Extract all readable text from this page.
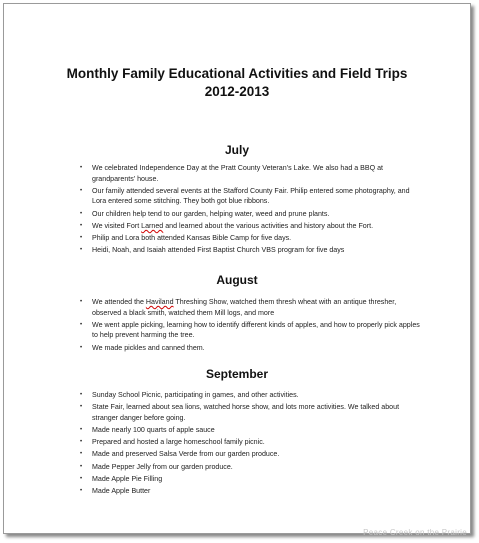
Monthly Family Educational Activities and Field Trips
2012-2013
July
• We celebrated Independence Day at the Pratt County Veteran’s Lake. We also had a BBQ at grandparents’ house.
• Our family attended several events at the Stafford County Fair. Philip entered some photography, and Lora entered some stitching. They both got blue ribbons.
• Our children help tend to our garden, helping water, weed and prune plants.
• We visited Fort Larned and learned about the various activities and history about the Fort.
• Philip and Lora both attended Kansas Bible Camp for five days.
• Heidi, Noah, and Isaiah attended First Baptist Church VBS program for five days
August
• We attended the Haviland Threshing Show, watched them thresh wheat with an antique thresher, observed a black smith, watched them Mill logs, and more
• We went apple picking, learning how to identify different kinds of apples, and how to properly pick apples to help prevent harming the tree.
• We made pickles and canned them.
September
• Sunday School Picnic, participating in games, and other activities.
• State Fair, learned about sea lions, watched horse show, and lots more activities. We talked about stranger danger before going.
• Made nearly 100 quarts of apple sauce
• Prepared and hosted a large homeschool family picnic.
• Made and preserved Salsa Verde from our garden produce.
• Made Pepper Jelly from our garden produce.
• Made Apple Pie Filling
• Made Apple Butter
Peace Creek on the Prairie
